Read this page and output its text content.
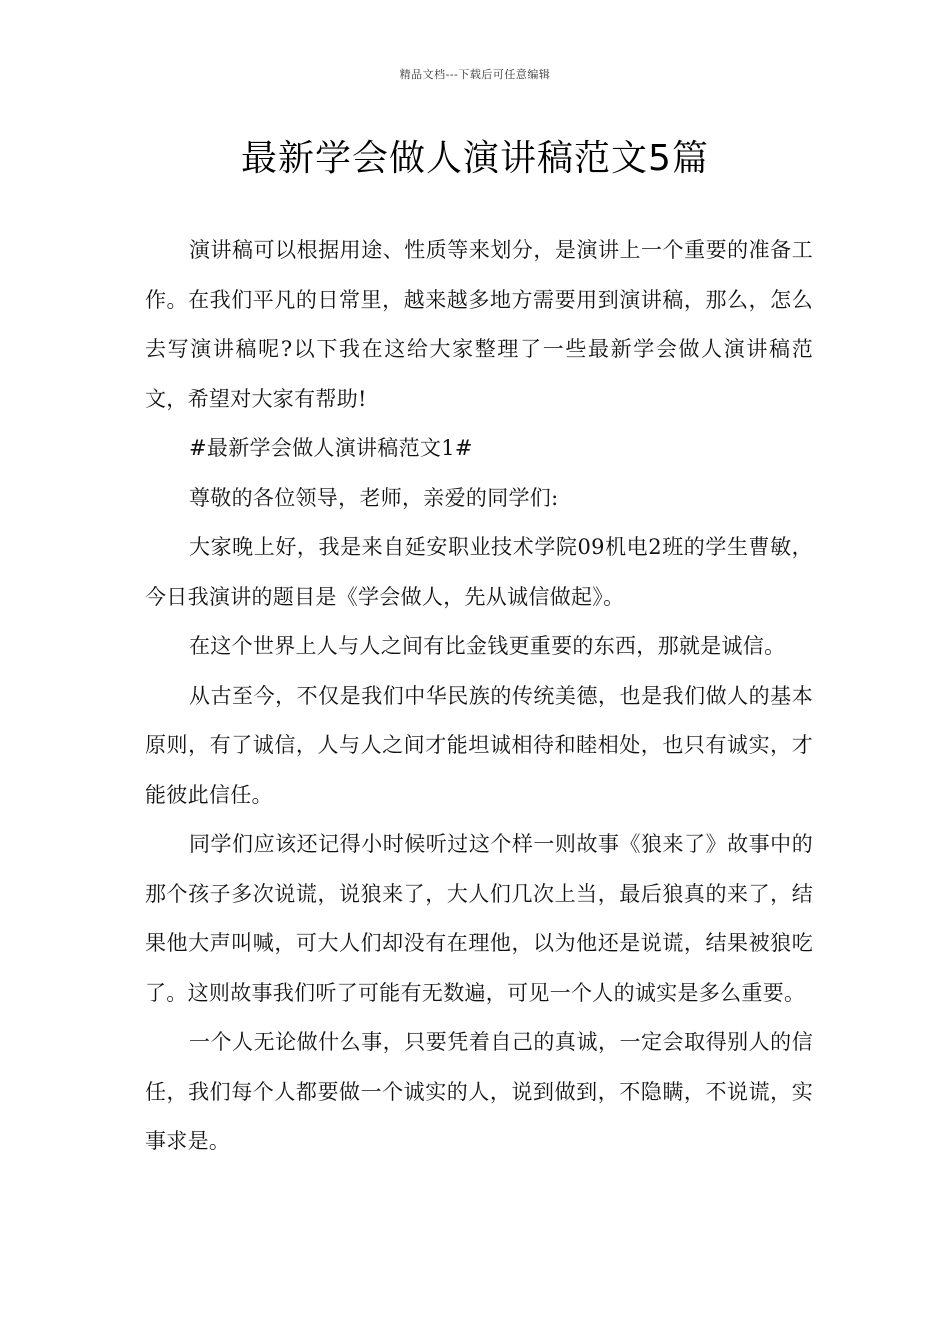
精品文档---下载后可任意编辑
最新学会做人演讲稿范文5篇

演讲稿可以根据用途、性质等来划分，是演讲上一个重要的准备工作。在我们平凡的日常里，越来越多地方需要用到演讲稿，那么，怎么去写演讲稿呢?以下我在这给大家整理了一些最新学会做人演讲稿范文，希望对大家有帮助!

#最新学会做人演讲稿范文1#

尊敬的各位领导，老师，亲爱的同学们:

大家晚上好，我是来自延安职业技术学院09机电2班的学生曹敏，今日我演讲的题目是《学会做人，先从诚信做起》。

在这个世界上人与人之间有比金钱更重要的东西，那就是诚信。

从古至今，不仅是我们中华民族的传统美德，也是我们做人的基本原则，有了诚信，人与人之间才能坦诚相待和睦相处，也只有诚实，才能彼此信任。

同学们应该还记得小时候听过这个样一则故事《狼来了》故事中的那个孩子多次说谎，说狼来了，大人们几次上当，最后狼真的来了，结果他大声叫喊，可大人们却没有在理他，以为他还是说谎，结果被狼吃了。这则故事我们听了可能有无数遍，可见一个人的诚实是多么重要。

一个人无论做什么事，只要凭着自己的真诚，一定会取得别人的信任，我们每个人都要做一个诚实的人，说到做到，不隐瞒，不说谎，实事求是。
